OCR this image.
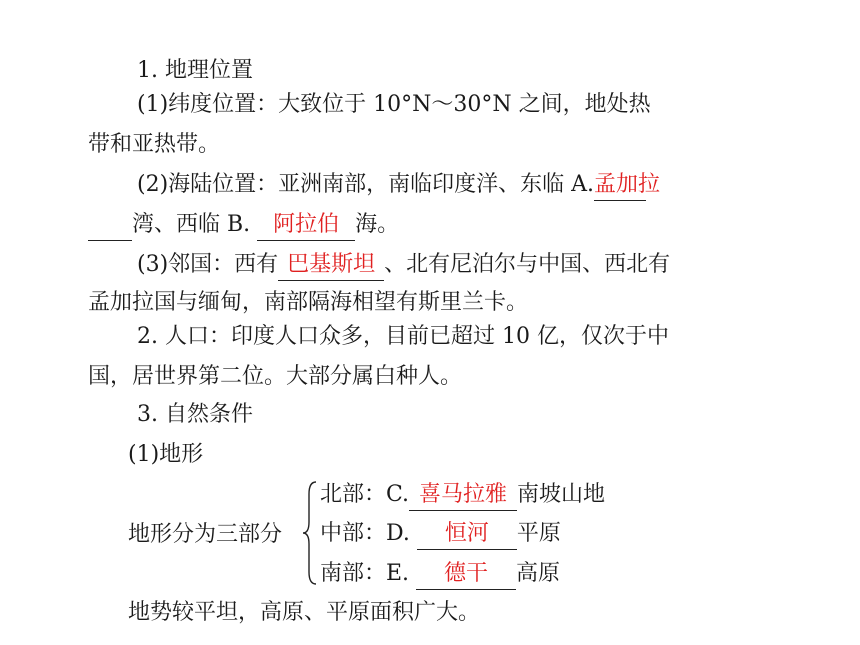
1. 地理位置
(1)纬度位置：大致位于 10°N～30°N 之间，地处热
带和亚热带。
(2)海陆位置：亚洲南部，南临印度洋、东临 A.孟加拉
湾、西临 B. 阿拉伯 海。
(3)邻国：西有 巴基斯坦 、北有尼泊尔与中国、西北有
孟加拉国与缅甸，南部隔海相望有斯里兰卡。
2. 人口：印度人口众多，目前已超过 10 亿，仅次于中
国，居世界第二位。大部分属白种人。
3. 自然条件
(1)地形
地形分为三部分
北部：C. 喜马拉雅 南坡山地
中部：D. 恒河 平原
南部：E. 德干 高原
地势较平坦，高原、平原面积广大。
